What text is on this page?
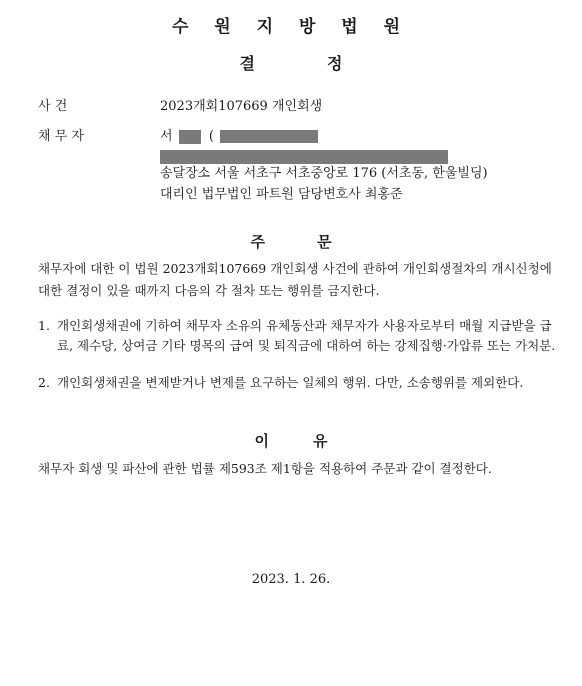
수 원 지 방 법 원
결	정
사 건	2023개회107669 개인회생
채 무 자	서	(
송달장소 서울 서초구 서초중앙로 176 (서초동, 한울빌딩)
대리인 법무법인 파트원 담당변호사 최홍준
주	문
채무자에 대한 이 법원 2023개회107669 개인회생 사건에 관하여 개인회생절차의 개시신청에 대한 결정이 있을 때까지 다음의 각 절차 또는 행위를 금지한다.
1. 개인회생채권에 기하여 채무자 소유의 유체동산과 채무자가 사용자로부터 매월 지급받을 급료, 제수당, 상여금 기타 명목의 급여 및 퇴직금에 대하여 하는 강제집행·가압류 또는 가처분.
2. 개인회생채권을 변제받거나 변제를 요구하는 일체의 행위. 다만, 소송행위를 제외한다.
이	유
채무자 회생 및 파산에 관한 법률 제593조 제1항을 적용하여 주문과 같이 결정한다.
2023. 1. 26.
